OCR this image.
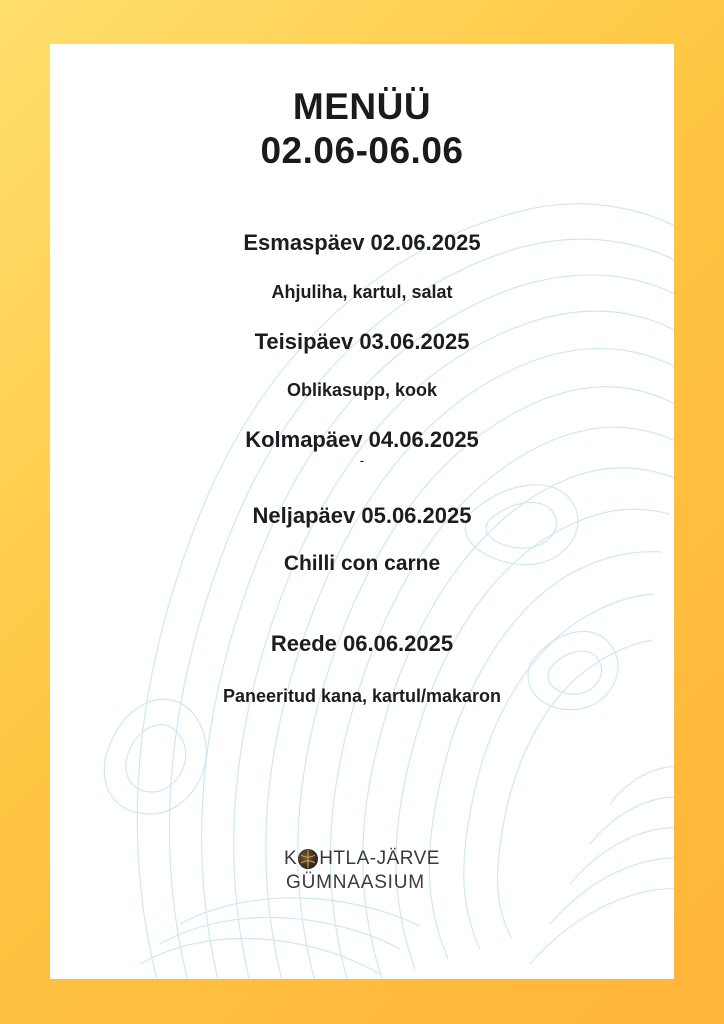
MENÜÜ
02.06-06.06
Esmaspäev 02.06.2025
Ahjuliha, kartul, salat
Teisipäev 03.06.2025
Oblikasupp, kook
Kolmapäev 04.06.2025
-
Neljapäev 05.06.2025
Chilli con carne
Reede 06.06.2025
Paneeritud kana, kartul/makaron
K HTLA-JÄRVE
GÜMNAASIUM
